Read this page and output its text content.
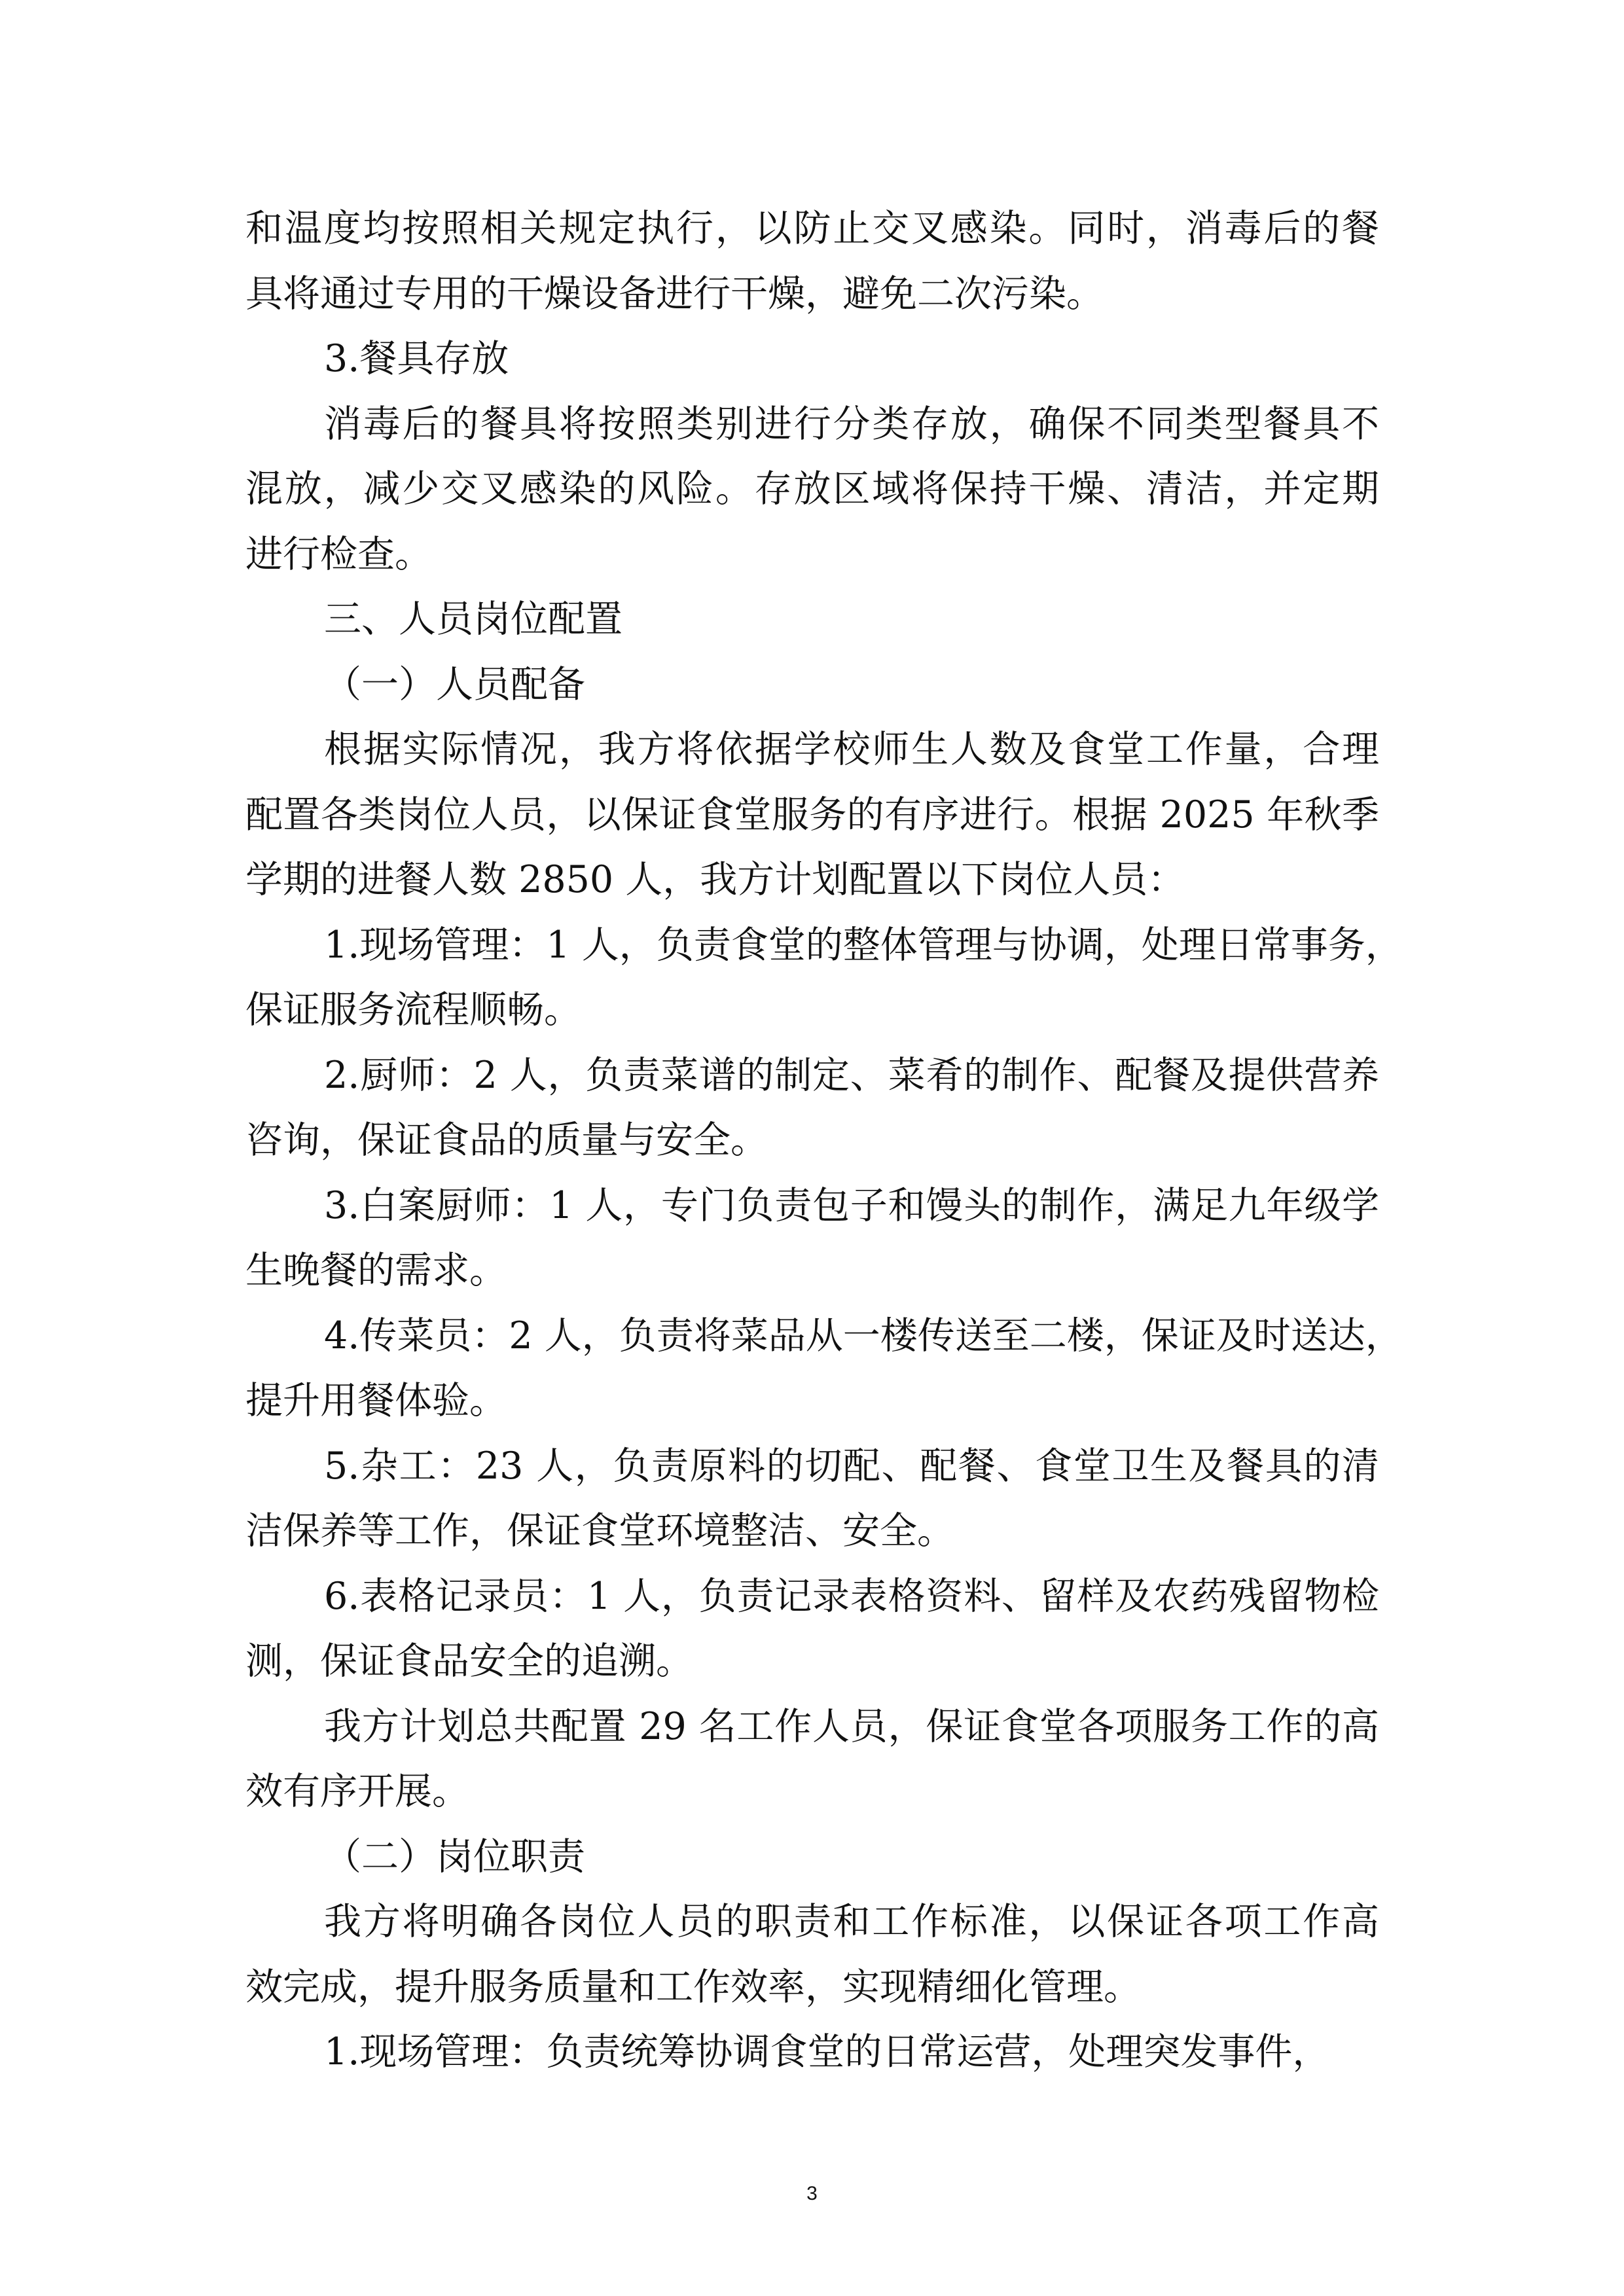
和温度均按照相关规定执行，以防止交叉感染。同时，消毒后的餐
具将通过专用的干燥设备进行干燥，避免二次污染。
3.餐具存放
消毒后的餐具将按照类别进行分类存放，确保不同类型餐具不
混放，减少交叉感染的风险。存放区域将保持干燥、清洁，并定期
进行检查。
三、人员岗位配置
（一）人员配备
根据实际情况，我方将依据学校师生人数及食堂工作量，合理
配置各类岗位人员，以保证食堂服务的有序进行。根据 2025 年秋季
学期的进餐人数 2850 人，我方计划配置以下岗位人员：
1.现场管理：1 人，负责食堂的整体管理与协调，处理日常事务，
保证服务流程顺畅。
2.厨师：2 人，负责菜谱的制定、菜肴的制作、配餐及提供营养
咨询，保证食品的质量与安全。
3.白案厨师：1 人，专门负责包子和馒头的制作，满足九年级学
生晚餐的需求。
4.传菜员：2 人，负责将菜品从一楼传送至二楼，保证及时送达，
提升用餐体验。
5.杂工：23 人，负责原料的切配、配餐、食堂卫生及餐具的清
洁保养等工作，保证食堂环境整洁、安全。
6.表格记录员：1 人，负责记录表格资料、留样及农药残留物检
测，保证食品安全的追溯。
我方计划总共配置 29 名工作人员，保证食堂各项服务工作的高
效有序开展。
（二）岗位职责
我方将明确各岗位人员的职责和工作标准，以保证各项工作高
效完成，提升服务质量和工作效率，实现精细化管理。
1.现场管理：负责统筹协调食堂的日常运营，处理突发事件，
3
